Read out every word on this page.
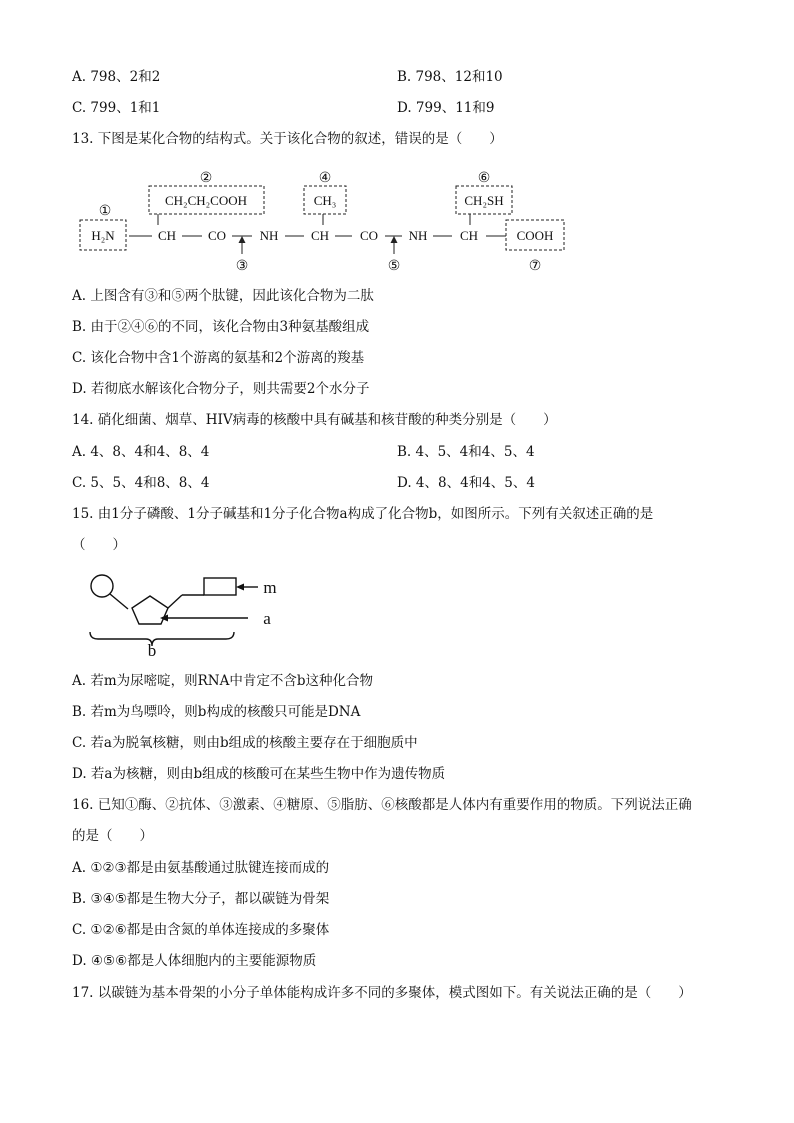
A. 798、2和2	B. 798、12和10
C. 799、1和1	D. 799、11和9
13. 下图是某化合物的结构式。关于该化合物的叙述，错误的是（　　）
①
②
③
④
⑤
⑥
⑦
H₂N	CH CO	NH	CH CO NH	CH	COOH
CH₂CH₂COOH	CH₃	CH₂SH
A. 上图含有③和⑤两个肽键，因此该化合物为二肽
B. 由于②④⑥的不同，该化合物由3种氨基酸组成
C. 该化合物中含1个游离的氨基和2个游离的羧基
D. 若彻底水解该化合物分子，则共需要2个水分子
14. 硝化细菌、烟草、HIV病毒的核酸中具有碱基和核苷酸的种类分别是（　　）
A. 4、8、4和4、8、4	B. 4、5、4和4、5、4
C. 5、5、4和8、8、4	D. 4、8、4和4、5、4
15. 由1分子磷酸、1分子碱基和1分子化合物a构成了化合物b，如图所示。下列有关叙述正确的是
（　　）
m
a
b
A. 若m为尿嘧啶，则RNA中肯定不含b这种化合物
B. 若m为鸟嘌呤，则b构成的核酸只可能是DNA
C. 若a为脱氧核糖，则由b组成的核酸主要存在于细胞质中
D. 若a为核糖，则由b组成的核酸可在某些生物中作为遗传物质
16. 已知①酶、②抗体、③激素、④糖原、⑤脂肪、⑥核酸都是人体内有重要作用的物质。下列说法正确
的是（　　）
A. ①②③都是由氨基酸通过肽键连接而成的
B. ③④⑤都是生物大分子，都以碳链为骨架
C. ①②⑥都是由含氮的单体连接成的多聚体
D. ④⑤⑥都是人体细胞内的主要能源物质
17. 以碳链为基本骨架的小分子单体能构成许多不同的多聚体，模式图如下。有关说法正确的是（　　）
